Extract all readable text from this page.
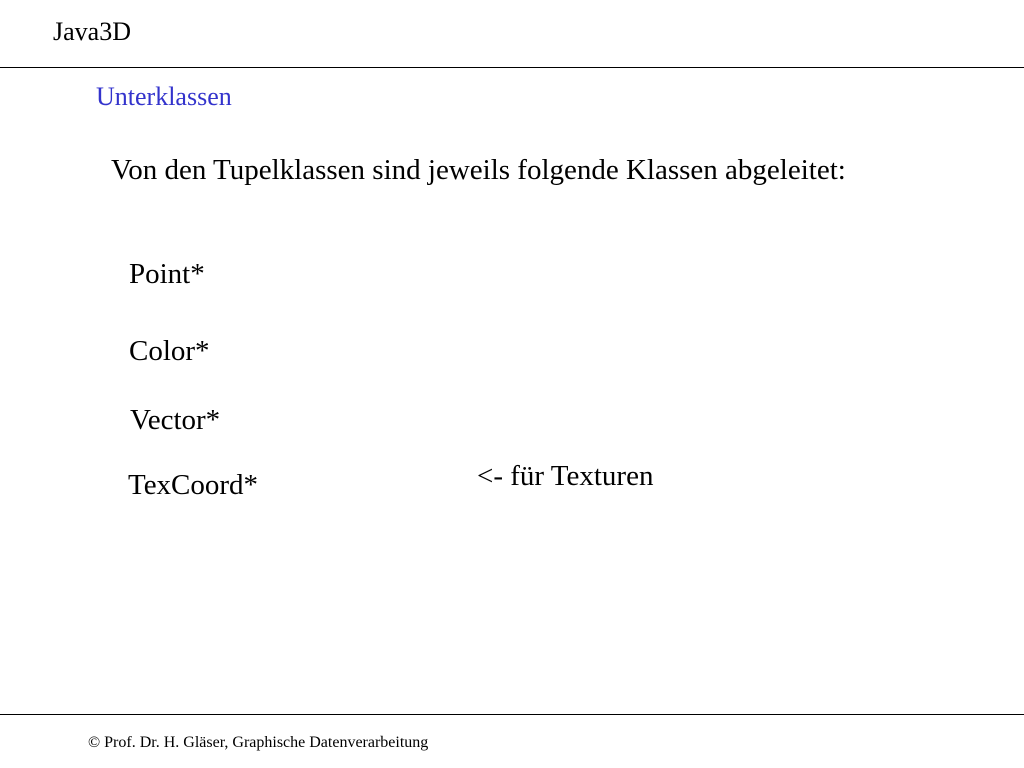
Java3D
Unterklassen
Von den Tupelklassen sind jeweils folgende Klassen abgeleitet:
Point*
Color*
Vector*
TexCoord*	<- für Texturen
© Prof. Dr. H. Gläser, Graphische Datenverarbeitung
